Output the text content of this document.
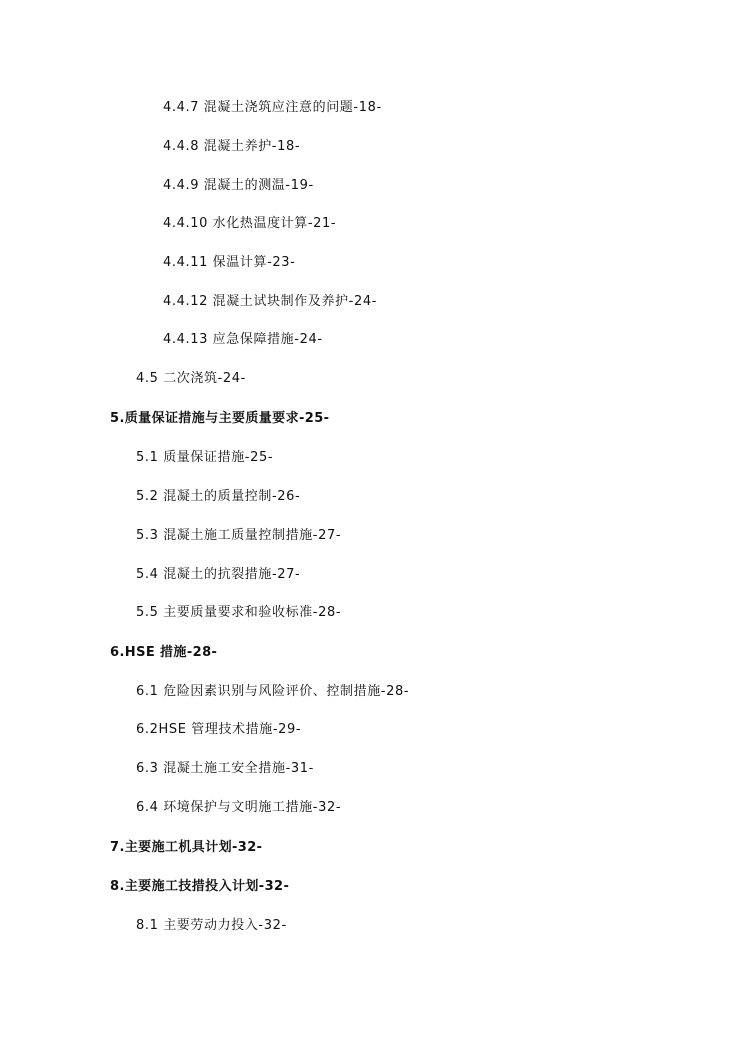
4.4.7 混凝土浇筑应注意的问题-18-
4.4.8 混凝土养护-18-
4.4.9 混凝土的测温-19-
4.4.10 水化热温度计算-21-
4.4.11 保温计算-23-
4.4.12 混凝土试块制作及养护-24-
4.4.13 应急保障措施-24-
4.5 二次浇筑-24-
5.质量保证措施与主要质量要求-25-
5.1 质量保证措施-25-
5.2 混凝土的质量控制-26-
5.3 混凝土施工质量控制措施-27-
5.4 混凝土的抗裂措施-27-
5.5 主要质量要求和验收标准-28-
6.HSE 措施-28-
6.1 危险因素识别与风险评价、控制措施-28-
6.2HSE 管理技术措施-29-
6.3 混凝土施工安全措施-31-
6.4 环境保护与文明施工措施-32-
7.主要施工机具计划-32-
8.主要施工技措投入计划-32-
8.1 主要劳动力投入-32-
